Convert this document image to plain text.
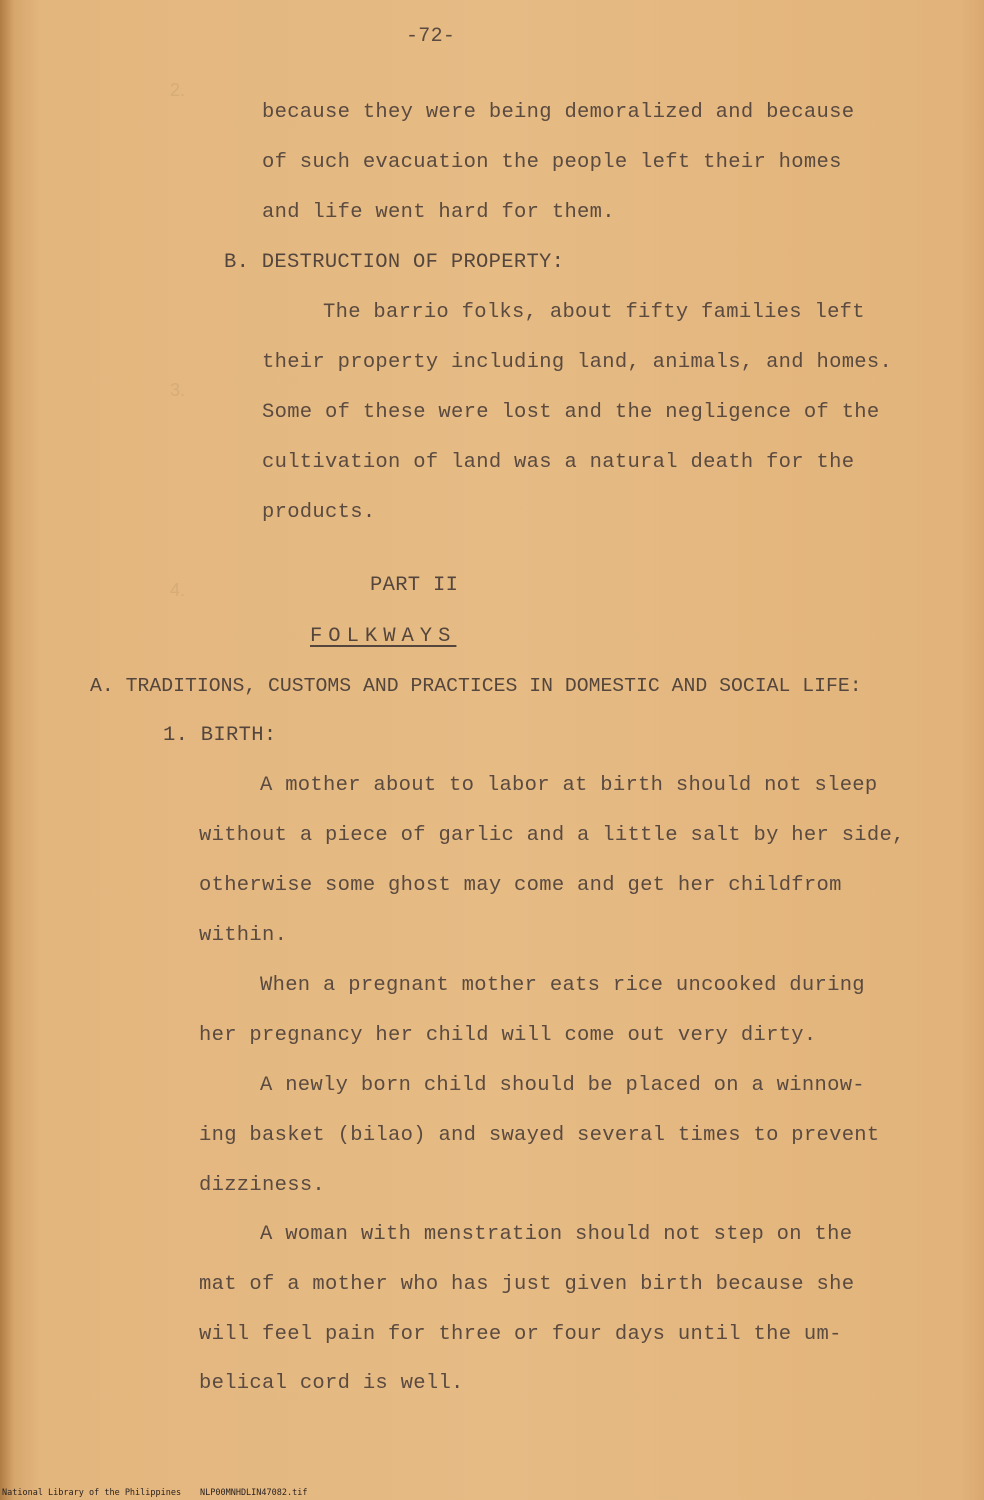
2.
3.
4.
-72-
because they were being demoralized and because
of such evacuation the people left their homes
and life went hard for them.
B. DESTRUCTION OF PROPERTY:
The barrio folks, about fifty families left
their property including land, animals, and homes.
Some of these were lost and the negligence of the
cultivation of land was a natural death for the
products.
PART II
FOLKWAYS
A. TRADITIONS, CUSTOMS AND PRACTICES IN DOMESTIC AND SOCIAL LIFE:
1. BIRTH:
A mother about to labor at birth should not sleep
without a piece of garlic and a little salt by her side,
otherwise some ghost may come and get her childfrom
within.
When a pregnant mother eats rice uncooked during
her pregnancy her child will come out very dirty.
A newly born child should be placed on a winnow-
ing basket (bilao) and swayed several times to prevent
dizziness.
A woman with menstration should not step on the
mat of a mother who has just given birth because she
will feel pain for three or four days until the um-
belical cord is well.
National Library of the Philippines NLP00MNHDLIN47082.tif
